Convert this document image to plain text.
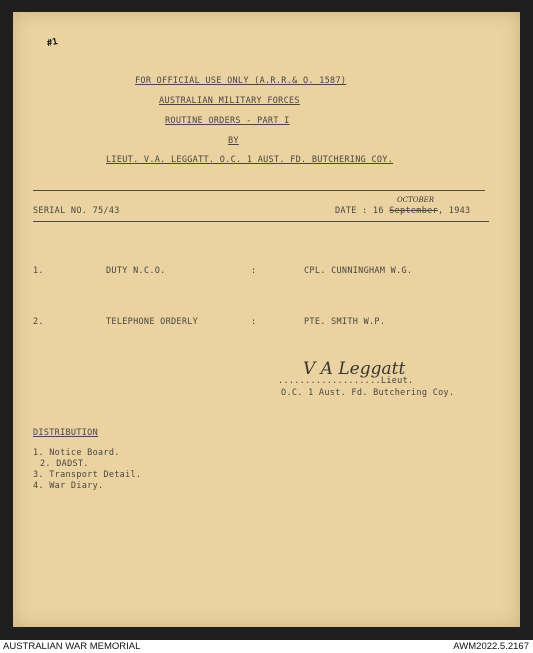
#1
FOR OFFICIAL USE ONLY (A.R.R.& O. 1587)
AUSTRALIAN MILITARY FORCES
ROUTINE ORDERS - PART I
BY
LIEUT. V.A. LEGGATT. O.C. 1 AUST. FD. BUTCHERING COY.
SERIAL NO. 75/43	DATE : 16 September, 1943
OCTOBER
1.	DUTY N.C.O.	:	CPL. CUNNINGHAM W.G.
2.	TELEPHONE ORDERLY	:	PTE. SMITH W.P.
V A Leggatt
...................Lieut.
O.C. 1 Aust. Fd. Butchering Coy.
DISTRIBUTION
1. Notice Board.
2. DADST.
3. Transport Detail.
4. War Diary.
AUSTRALIAN WAR MEMORIAL	AWM2022.5.2167
